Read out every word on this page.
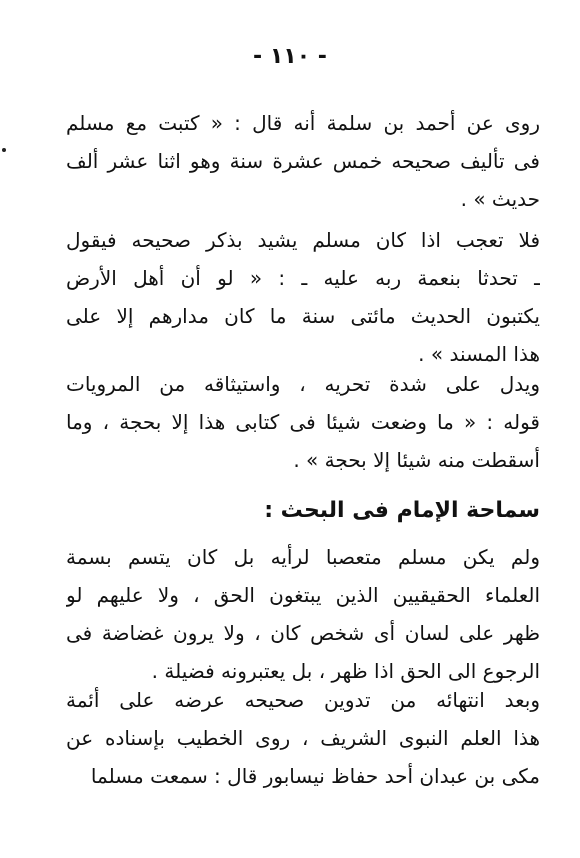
- ١١٠ -
روى عن أحمد بن سلمة أنه قال : « كتبت مع مسلم
فى تأليف صحيحه خمس عشرة سنة وهو اثنا عشر ألف
حديث » .
فلا تعجب اذا كان مسلم يشيد بذكر صحيحه فيقول
ـ تحدثا بنعمة ربه عليه ـ : « لو أن أهل الأرض
يكتبون الحديث مائتى سنة ما كان مدارهم إلا على
هذا المسند » .
ويدل على شدة تحريه ، واستيثاقه من المرويات
قوله : « ما وضعت شيئا فى كتابى هذا إلا بحجة ، وما
أسقطت منه شيئا إلا بحجة » .
سماحة الإمام فى البحث :
ولم يكن مسلم متعصبا لرأيه بل كان يتسم بسمة
العلماء الحقيقيين الذين يبتغون الحق ، ولا عليهم لو
ظهر على لسان أى شخص كان ، ولا يرون غضاضة فى
الرجوع الى الحق اذا ظهر ، بل يعتبرونه فضيلة .
وبعد انتهائه من تدوين صحيحه عرضه على أئمة
هذا العلم النبوى الشريف ، روى الخطيب بإسناده عن
مكى بن عبدان أحد حفاظ نيسابور قال : سمعت مسلما
